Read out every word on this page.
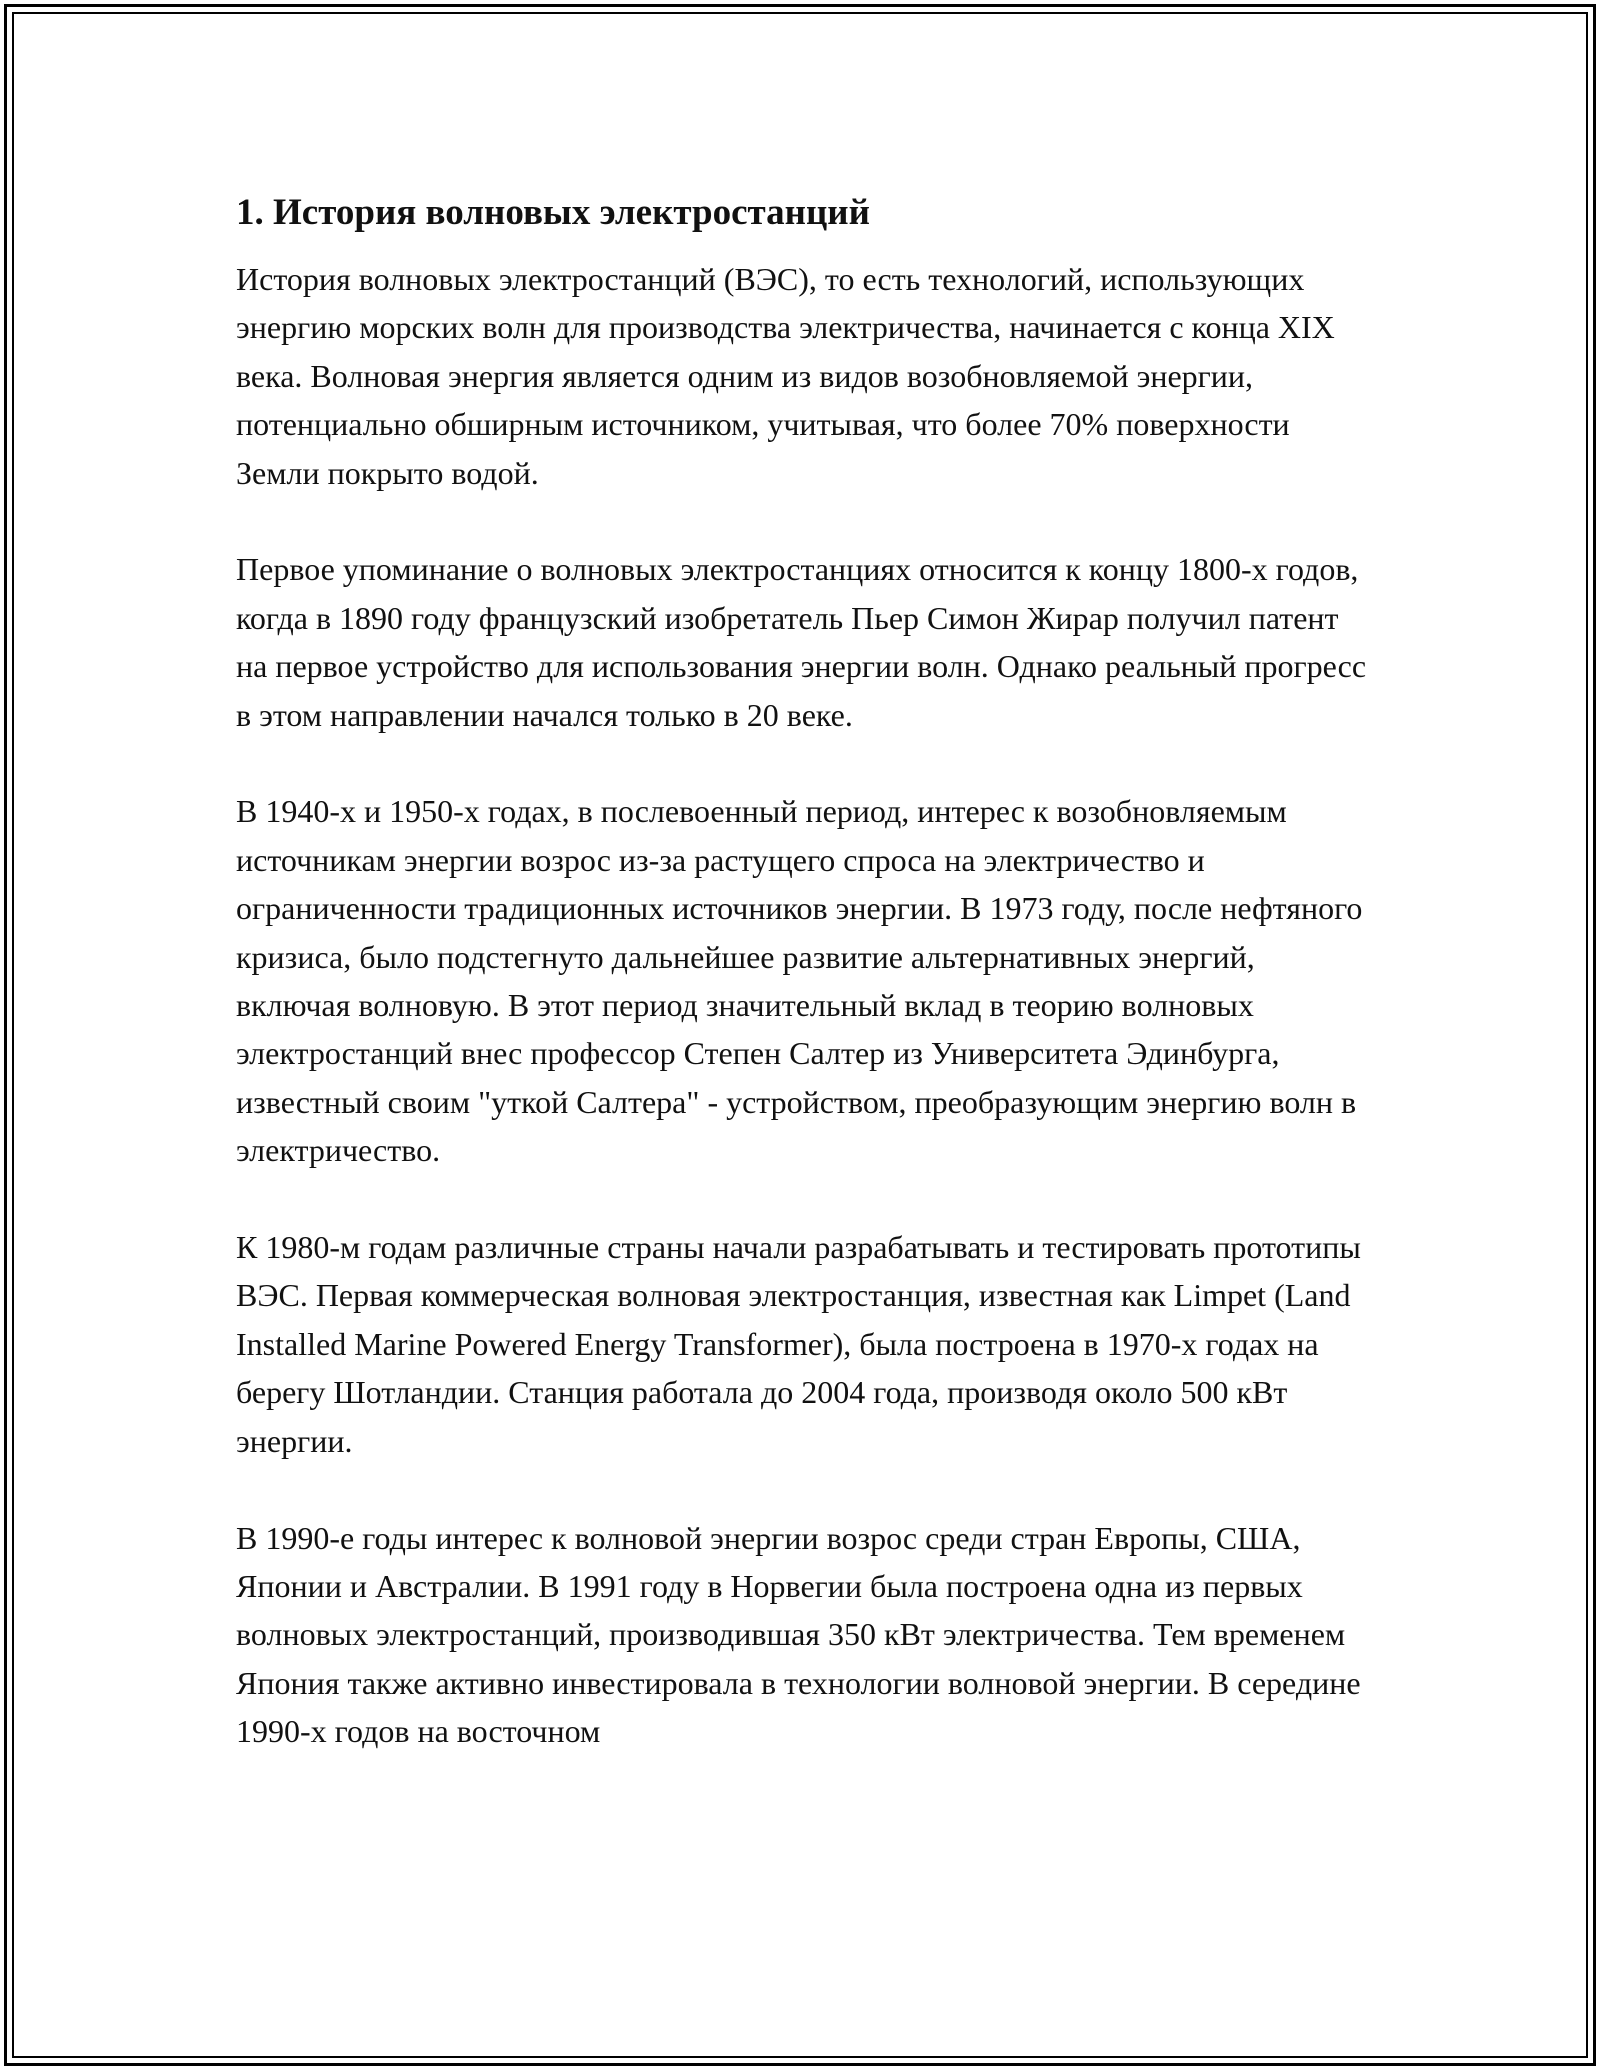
1. История волновых электростанций

История волновых электростанций (ВЭС), то есть технологий, использующих энергию морских волн для производства электричества, начинается с конца XIX века. Волновая энергия является одним из видов возобновляемой энергии, потенциально обширным источником, учитывая, что более 70% поверхности Земли покрыто водой.

Первое упоминание о волновых электростанциях относится к концу 1800-х годов, когда в 1890 году французский изобретатель Пьер Симон Жирар получил патент на первое устройство для использования энергии волн. Однако реальный прогресс в этом направлении начался только в 20 веке.

В 1940-х и 1950-х годах, в послевоенный период, интерес к возобновляемым источникам энергии возрос из-за растущего спроса на электричество и ограниченности традиционных источников энергии. В 1973 году, после нефтяного кризиса, было подстегнуто дальнейшее развитие альтернативных энергий, включая волновую. В этот период значительный вклад в теорию волновых электростанций внес профессор Степен Салтер из Университета Эдинбурга, известный своим "уткой Салтера" - устройством, преобразующим энергию волн в электричество.

К 1980-м годам различные страны начали разрабатывать и тестировать прототипы ВЭС. Первая коммерческая волновая электростанция, известная как Limpet (Land Installed Marine Powered Energy Transformer), была построена в 1970-х годах на берегу Шотландии. Станция работала до 2004 года, производя около 500 кВт энергии.

В 1990-е годы интерес к волновой энергии возрос среди стран Европы, США, Японии и Австралии. В 1991 году в Норвегии была построена одна из первых волновых электростанций, производившая 350 кВт электричества. Тем временем Япония также активно инвестировала в технологии волновой энергии. В середине 1990-х годов на восточном
